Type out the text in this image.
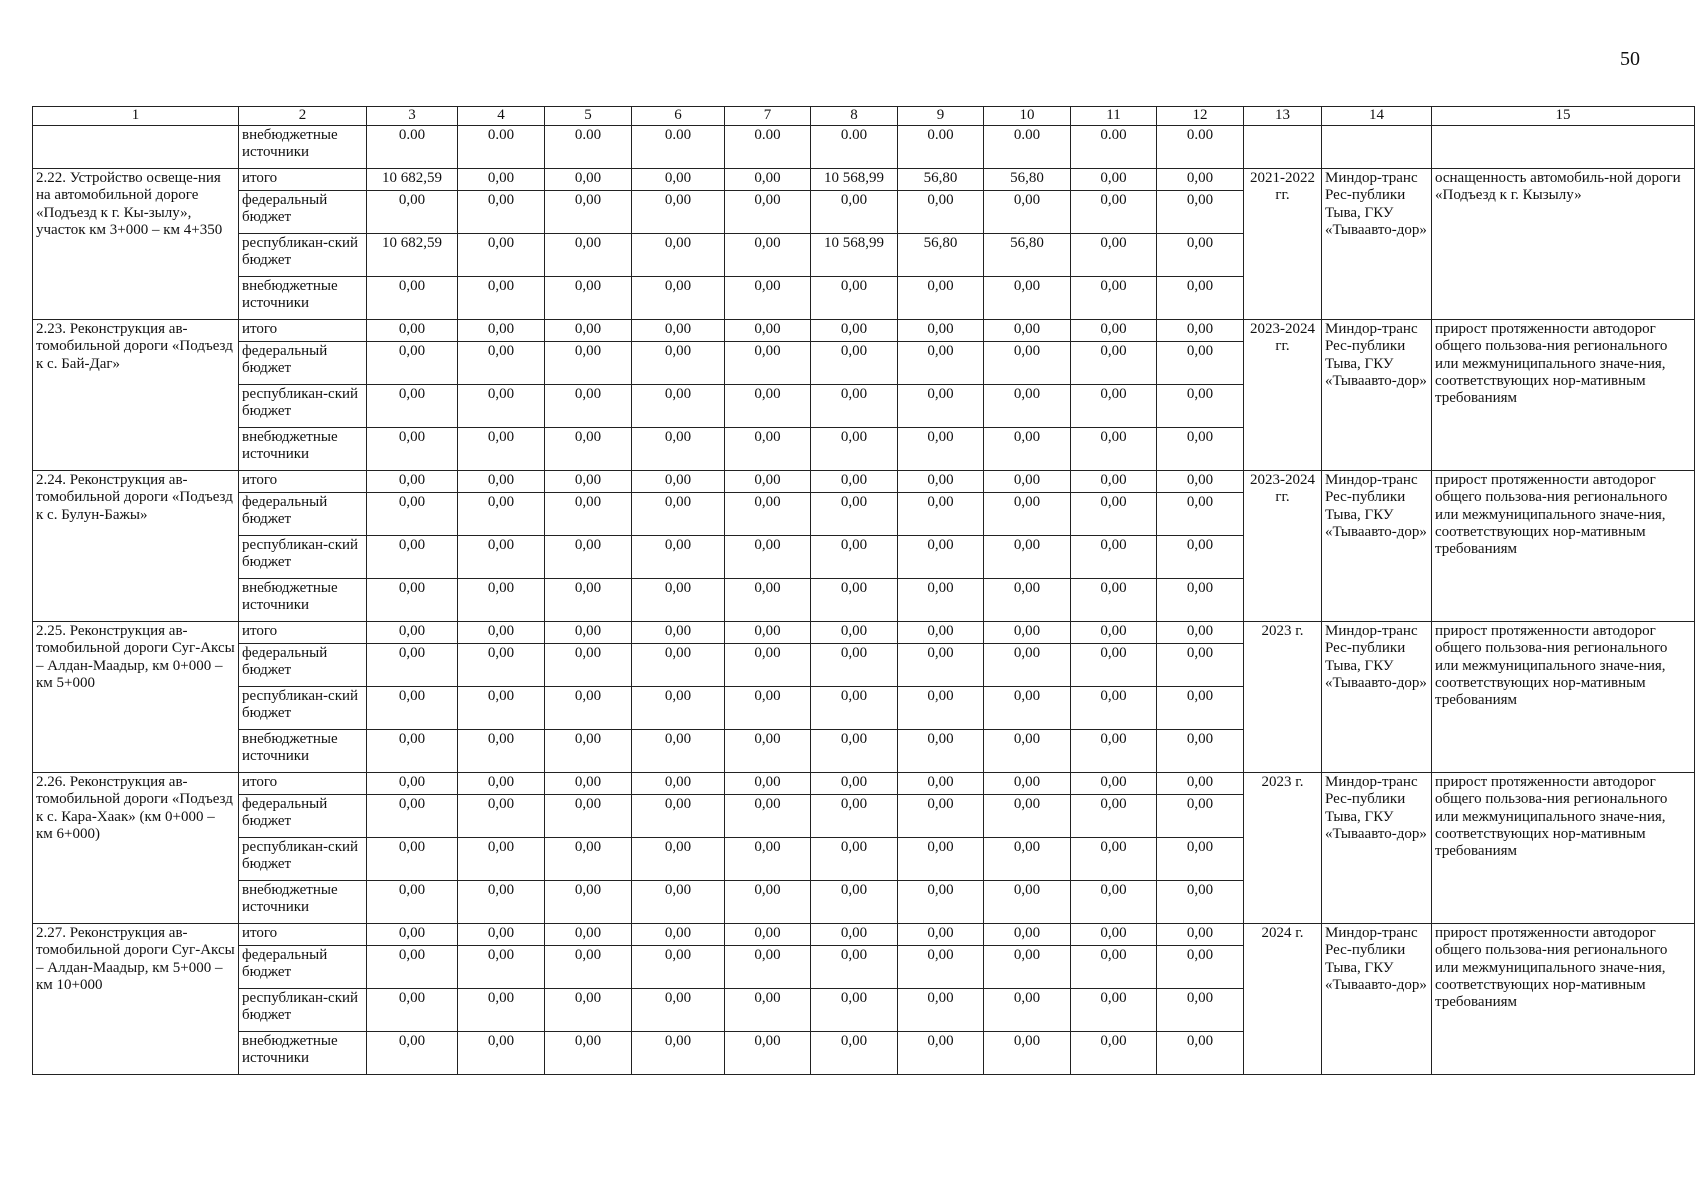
50
1	2	3	4	5	6	7	8	9	10	11	12	13	14	15
	внебюджетные источники	0.00	0.00	0.00	0.00	0.00	0.00	0.00	0.00	0.00	0.00			
2.22. Устройство освеще-ния на автомобильной дороге «Подъезд к г. Кы-зылу», участок км 3+000 – км 4+350	итого	10 682,59	0,00	0,00	0,00	0,00	10 568,99	56,80	56,80	0,00	0,00	2021-2022 гг.	Миндор-транс Рес-публики Тыва, ГКУ «Тываавто-дор»	оснащенность автомобиль-ной дороги «Подъезд к г. Кызылу»
	федеральный бюджет	0,00	0,00	0,00	0,00	0,00	0,00	0,00	0,00	0,00	0,00			
	республикан-ский бюджет	10 682,59	0,00	0,00	0,00	0,00	10 568,99	56,80	56,80	0,00	0,00			
	внебюджетные источники	0,00	0,00	0,00	0,00	0,00	0,00	0,00	0,00	0,00	0,00			
2.23. Реконструкция ав-томобильной дороги «Подъезд к с. Бай-Даг»	итого	0,00	0,00	0,00	0,00	0,00	0,00	0,00	0,00	0,00	0,00	2023-2024 гг.	Миндор-транс Рес-публики Тыва, ГКУ «Тываавто-дор»	прирост протяженности автодорог общего пользова-ния регионального или межмуниципального значе-ния, соответствующих нор-мативным требованиям
	федеральный бюджет	0,00	0,00	0,00	0,00	0,00	0,00	0,00	0,00	0,00	0,00			
	республикан-ский бюджет	0,00	0,00	0,00	0,00	0,00	0,00	0,00	0,00	0,00	0,00			
	внебюджетные источники	0,00	0,00	0,00	0,00	0,00	0,00	0,00	0,00	0,00	0,00			
2.24. Реконструкция ав-томобильной дороги «Подъезд к с. Булун-Бажы»	итого	0,00	0,00	0,00	0,00	0,00	0,00	0,00	0,00	0,00	0,00	2023-2024 гг.	Миндор-транс Рес-публики Тыва, ГКУ «Тываавто-дор»	прирост протяженности автодорог общего пользова-ния регионального или межмуниципального значе-ния, соответствующих нор-мативным требованиям
	федеральный бюджет	0,00	0,00	0,00	0,00	0,00	0,00	0,00	0,00	0,00	0,00			
	республикан-ский бюджет	0,00	0,00	0,00	0,00	0,00	0,00	0,00	0,00	0,00	0,00			
	внебюджетные источники	0,00	0,00	0,00	0,00	0,00	0,00	0,00	0,00	0,00	0,00			
2.25. Реконструкция ав-томобильной дороги Суг-Аксы – Алдан-Маадыр, км 0+000 – км 5+000	итого	0,00	0,00	0,00	0,00	0,00	0,00	0,00	0,00	0,00	0,00	2023 г.	Миндор-транс Рес-публики Тыва, ГКУ «Тываавто-дор»	прирост протяженности автодорог общего пользова-ния регионального или межмуниципального значе-ния, соответствующих нор-мативным требованиям
	федеральный бюджет	0,00	0,00	0,00	0,00	0,00	0,00	0,00	0,00	0,00	0,00			
	республикан-ский бюджет	0,00	0,00	0,00	0,00	0,00	0,00	0,00	0,00	0,00	0,00			
	внебюджетные источники	0,00	0,00	0,00	0,00	0,00	0,00	0,00	0,00	0,00	0,00			
2.26. Реконструкция ав-томобильной дороги «Подъезд к с. Кара-Хаак» (км 0+000 – км 6+000)	итого	0,00	0,00	0,00	0,00	0,00	0,00	0,00	0,00	0,00	0,00	2023 г.	Миндор-транс Рес-публики Тыва, ГКУ «Тываавто-дор»	прирост протяженности автодорог общего пользова-ния регионального или межмуниципального значе-ния, соответствующих нор-мативным требованиям
	федеральный бюджет	0,00	0,00	0,00	0,00	0,00	0,00	0,00	0,00	0,00	0,00			
	республикан-ский бюджет	0,00	0,00	0,00	0,00	0,00	0,00	0,00	0,00	0,00	0,00			
	внебюджетные источники	0,00	0,00	0,00	0,00	0,00	0,00	0,00	0,00	0,00	0,00			
2.27. Реконструкция ав-томобильной дороги Суг-Аксы – Алдан-Маадыр, км 5+000 – км 10+000	итого	0,00	0,00	0,00	0,00	0,00	0,00	0,00	0,00	0,00	0,00	2024 г.	Миндор-транс Рес-публики Тыва, ГКУ «Тываавто-дор»	прирост протяженности автодорог общего пользова-ния регионального или межмуниципального значе-ния, соответствующих нор-мативным требованиям
	федеральный бюджет	0,00	0,00	0,00	0,00	0,00	0,00	0,00	0,00	0,00	0,00			
	республикан-ский бюджет	0,00	0,00	0,00	0,00	0,00	0,00	0,00	0,00	0,00	0,00			
	внебюджетные источники	0,00	0,00	0,00	0,00	0,00	0,00	0,00	0,00	0,00	0,00			
